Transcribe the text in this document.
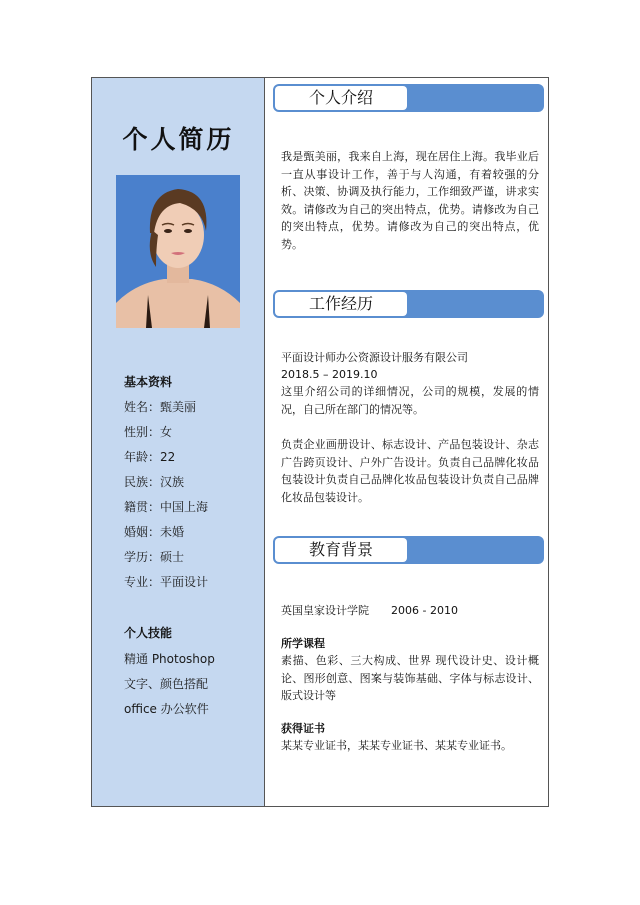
个人简历
基本资料
姓名：甄美丽
性别：女
年龄：22
民族：汉族
籍贯：中国上海
婚姻：未婚
学历：硕士
专业：平面设计
个人技能
精通 Photoshop
文字、颜色搭配
office 办公软件
个人介绍

我是甄美丽，我来自上海，现在居住上海。我毕业后一直从事设计工作，善于与人沟通，有着较强的分析、决策、协调及执行能力，工作细致严谨，讲求实效。请修改为自己的突出特点，优势。请修改为自己的突出特点，优势。请修改为自己的突出特点，优势。

工作经历
平面设计师办公资源设计服务有限公司
2018.5 – 2019.10

这里介绍公司的详细情况，公司的规模，发展的情况，自己所在部门的情况等。

负责企业画册设计、标志设计、产品包装设计、杂志广告跨页设计、户外广告设计。负责自己品牌化妆品包装设计负责自己品牌化妆品包装设计负责自己品牌化妆品包装设计。

教育背景
英国皇家设计学院 2006 - 2010
所学课程

素描、色彩、三大构成、世界 现代设计史、设计概论、图形创意、图案与装饰基础、字体与标志设计、版式设计等

获得证书
某某专业证书，某某专业证书、某某专业证书。
